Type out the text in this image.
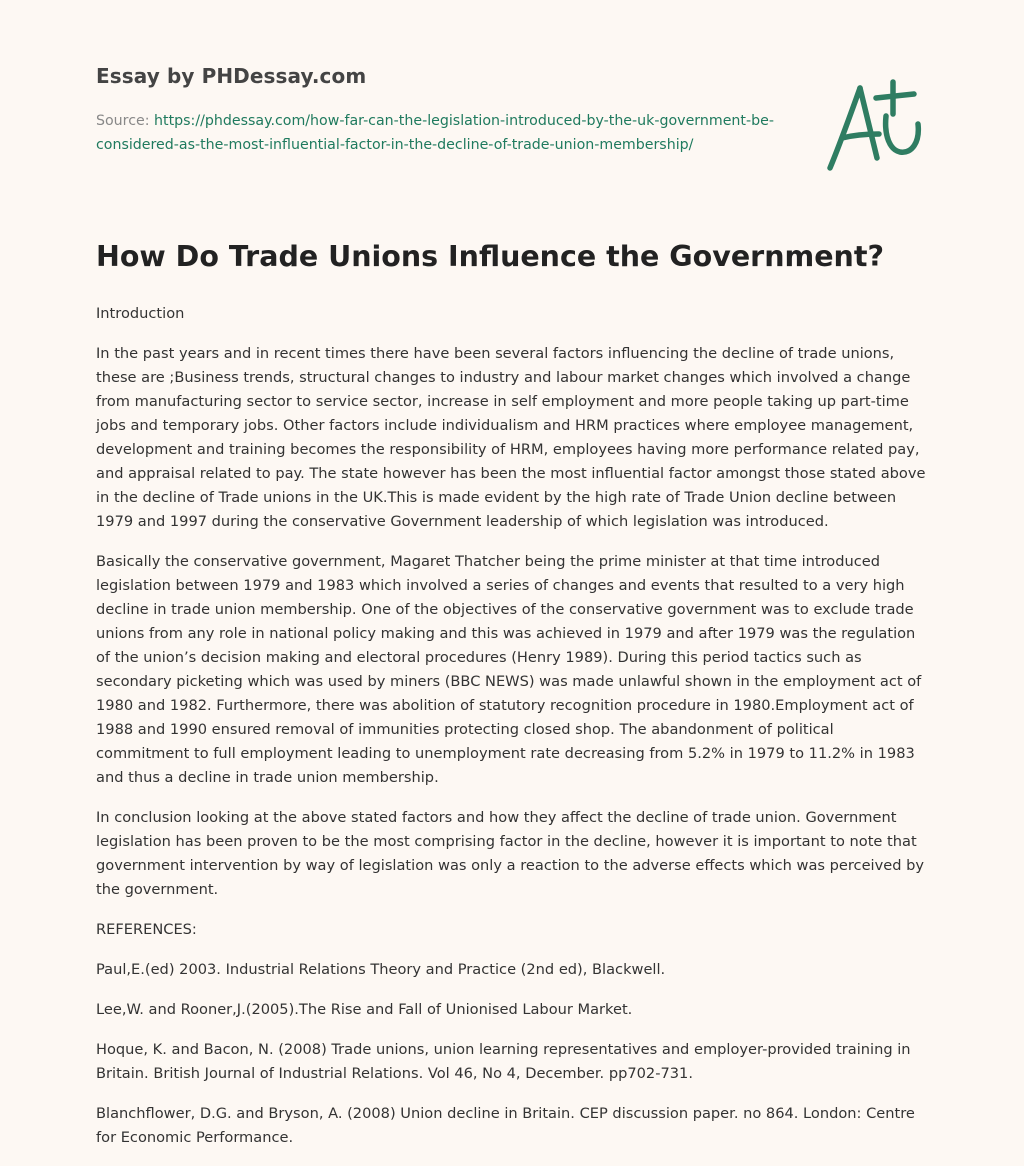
Essay by PHDessay.com
Source: https://phdessay.com/how-far-can-the-legislation-introduced-by-the-uk-government-be-considered-as-the-most-influential-factor-in-the-decline-of-trade-union-membership/
How Do Trade Unions Influence the Government?

Introduction

In the past years and in recent times there have been several factors influencing the decline of trade unions, these are ;Business trends, structural changes to industry and labour market changes which involved a change from manufacturing sector to service sector, increase in self employment and more people taking up part-time jobs and temporary jobs. Other factors include individualism and HRM practices where employee management, development and training becomes the responsibility of HRM, employees having more performance related pay, and appraisal related to pay. The state however has been the most influential factor amongst those stated above in the decline of Trade unions in the UK.This is made evident by the high rate of Trade Union decline between 1979 and 1997 during the conservative Government leadership of which legislation was introduced.

Basically the conservative government, Magaret Thatcher being the prime minister at that time introduced legislation between 1979 and 1983 which involved a series of changes and events that resulted to a very high decline in trade union membership. One of the objectives of the conservative government was to exclude trade unions from any role in national policy making and this was achieved in 1979 and after 1979 was the regulation of the union’s decision making and electoral procedures (Henry 1989). During this period tactics such as secondary picketing which was used by miners (BBC NEWS) was made unlawful shown in the employment act of 1980 and 1982. Furthermore, there was abolition of statutory recognition procedure in 1980.Employment act of 1988 and 1990 ensured removal of immunities protecting closed shop. The abandonment of political commitment to full employment leading to unemployment rate decreasing from 5.2% in 1979 to 11.2% in 1983 and thus a decline in trade union membership.

In conclusion looking at the above stated factors and how they affect the decline of trade union. Government legislation has been proven to be the most comprising factor in the decline, however it is important to note that government intervention by way of legislation was only a reaction to the adverse effects which was perceived by the government.

REFERENCES:

Paul,E.(ed) 2003. Industrial Relations Theory and Practice (2nd ed), Blackwell.

Lee,W. and Rooner,J.(2005).The Rise and Fall of Unionised Labour Market.

Hoque, K. and Bacon, N. (2008) Trade unions, union learning representatives and employer-provided training in Britain. British Journal of Industrial Relations. Vol 46, No 4, December. pp702-731.

Blanchflower, D.G. and Bryson, A. (2008) Union decline in Britain. CEP discussion paper. no 864. London: Centre for Economic Performance.
